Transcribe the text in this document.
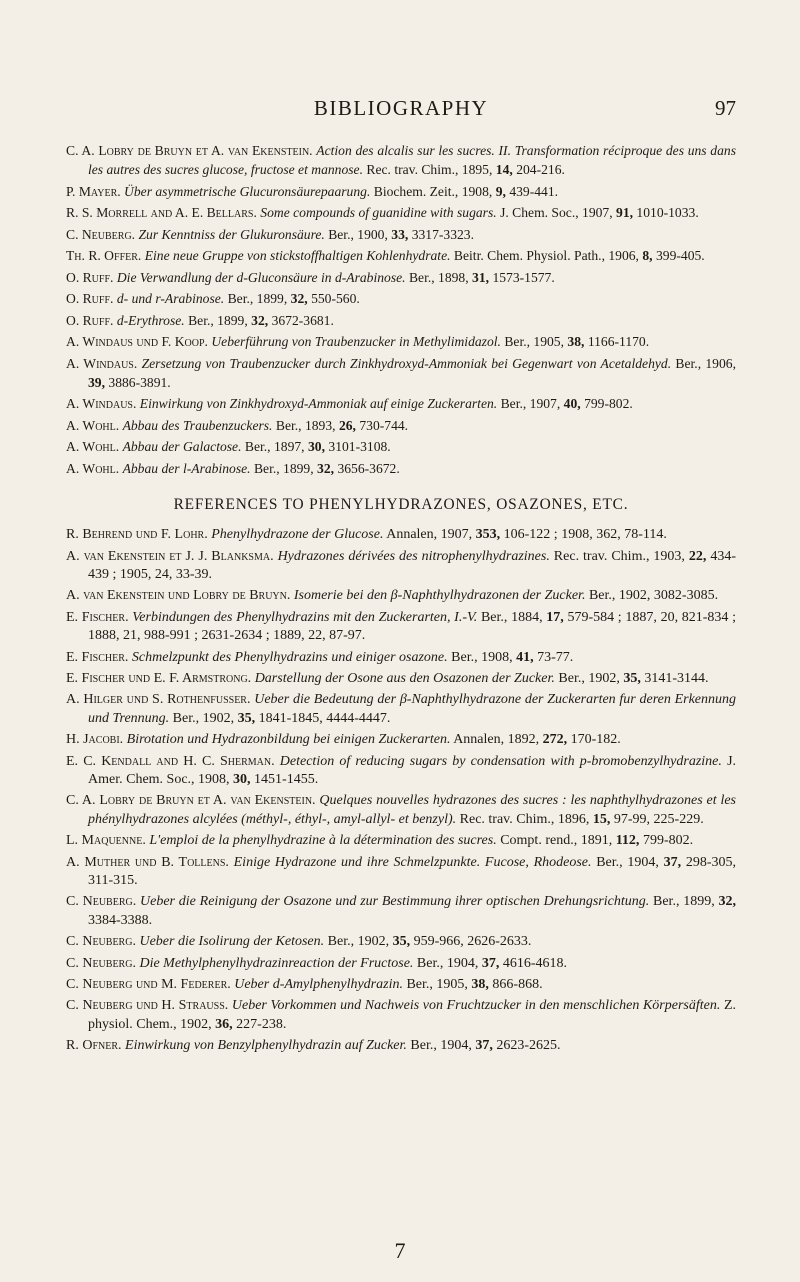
BIBLIOGRAPHY	97
C. A. Lobry de Bruyn et A. van Ekenstein. Action des alcalis sur les sucres. II. Transformation réciproque des uns dans les autres des sucres glucose, fructose et mannose. Rec. trav. Chim., 1895, 14, 204-216.
P. Mayer. Über asymmetrische Glucuronsäurepaarung. Biochem. Zeit., 1908, 9, 439-441.
R. S. Morrell and A. E. Bellars. Some compounds of guanidine with sugars. J. Chem. Soc., 1907, 91, 1010-1033.
C. Neuberg. Zur Kenntniss der Glukuronsäure. Ber., 1900, 33, 3317-3323.
Th. R. Offer. Eine neue Gruppe von stickstoffhaltigen Kohlenhydrate. Beitr. Chem. Physiol. Path., 1906, 8, 399-405.
O. Ruff. Die Verwandlung der d-Gluconsäure in d-Arabinose. Ber., 1898, 31, 1573-1577.
O. Ruff. d- und r-Arabinose. Ber., 1899, 32, 550-560.
O. Ruff. d-Erythrose. Ber., 1899, 32, 3672-3681.
A. Windaus und F. Koop. Ueberführung von Traubenzucker in Methylimidazol. Ber., 1905, 38, 1166-1170.
A. Windaus. Zersetzung von Traubenzucker durch Zinkhydroxyd-Ammoniak bei Gegenwart von Acetaldehyd. Ber., 1906, 39, 3886-3891.
A. Windaus. Einwirkung von Zinkhydroxyd-Ammoniak auf einige Zuckerarten. Ber., 1907, 40, 799-802.
A. Wohl. Abbau des Traubenzuckers. Ber., 1893, 26, 730-744.
A. Wohl. Abbau der Galactose. Ber., 1897, 30, 3101-3108.
A. Wohl. Abbau der l-Arabinose. Ber., 1899, 32, 3656-3672.
REFERENCES TO PHENYLHYDRAZONES, OSAZONES, ETC.
R. Behrend und F. Lohr. Phenylhydrazone der Glucose. Annalen, 1907, 353, 106-122 ; 1908, 362, 78-114.
A. van Ekenstein et J. J. Blanksma. Hydrazones dérivées des nitrophenylhydrazines. Rec. trav. Chim., 1903, 22, 434-439 ; 1905, 24, 33-39.
A. van Ekenstein und Lobry de Bruyn. Isomerie bei den β-Naphthylhydrazonen der Zucker. Ber., 1902, 3082-3085.
E. Fischer. Verbindungen des Phenylhydrazins mit den Zuckerarten, I.-V. Ber., 1884, 17, 579-584 ; 1887, 20, 821-834 ; 1888, 21, 988-991 ; 2631-2634 ; 1889, 22, 87-97.
E. Fischer. Schmelzpunkt des Phenylhydrazins und einiger osazone. Ber., 1908, 41, 73-77.
E. Fischer und E. F. Armstrong. Darstellung der Osone aus den Osazonen der Zucker. Ber., 1902, 35, 3141-3144.
A. Hilger und S. Rothenfusser. Ueber die Bedeutung der β-Naphthylhydrazone der Zuckerarten fur deren Erkennung und Trennung. Ber., 1902, 35, 1841-1845, 4444-4447.
H. Jacobi. Birotation und Hydrazonbildung bei einigen Zuckerarten. Annalen, 1892, 272, 170-182.
E. C. Kendall and H. C. Sherman. Detection of reducing sugars by condensation with p-bromobenzylhydrazine. J. Amer. Chem. Soc., 1908, 30, 1451-1455.
C. A. Lobry de Bruyn et A. van Ekenstein. Quelques nouvelles hydrazones des sucres : les naphthylhydrazones et les phénylhydrazones alcylées (méthyl-, éthyl-, amyl-allyl- et benzyl). Rec. trav. Chim., 1896, 15, 97-99, 225-229.
L. Maquenne. L'emploi de la phenylhydrazine à la détermination des sucres. Compt. rend., 1891, 112, 799-802.
A. Muther und B. Tollens. Einige Hydrazone und ihre Schmelzpunkte. Fucose, Rhodeose. Ber., 1904, 37, 298-305, 311-315.
C. Neuberg. Ueber die Reinigung der Osazone und zur Bestimmung ihrer optischen Drehungsrichtung. Ber., 1899, 32, 3384-3388.
C. Neuberg. Ueber die Isolirung der Ketosen. Ber., 1902, 35, 959-966, 2626-2633.
C. Neuberg. Die Methylphenylhydrazinreaction der Fructose. Ber., 1904, 37, 4616-4618.
C. Neuberg und M. Federer. Ueber d-Amylphenylhydrazin. Ber., 1905, 38, 866-868.
C. Neuberg und H. Strauss. Ueber Vorkommen und Nachweis von Fruchtzucker in den menschlichen Körpersäften. Z. physiol. Chem., 1902, 36, 227-238.
R. Ofner. Einwirkung von Benzylphenylhydrazin auf Zucker. Ber., 1904, 37, 2623-2625.
7
